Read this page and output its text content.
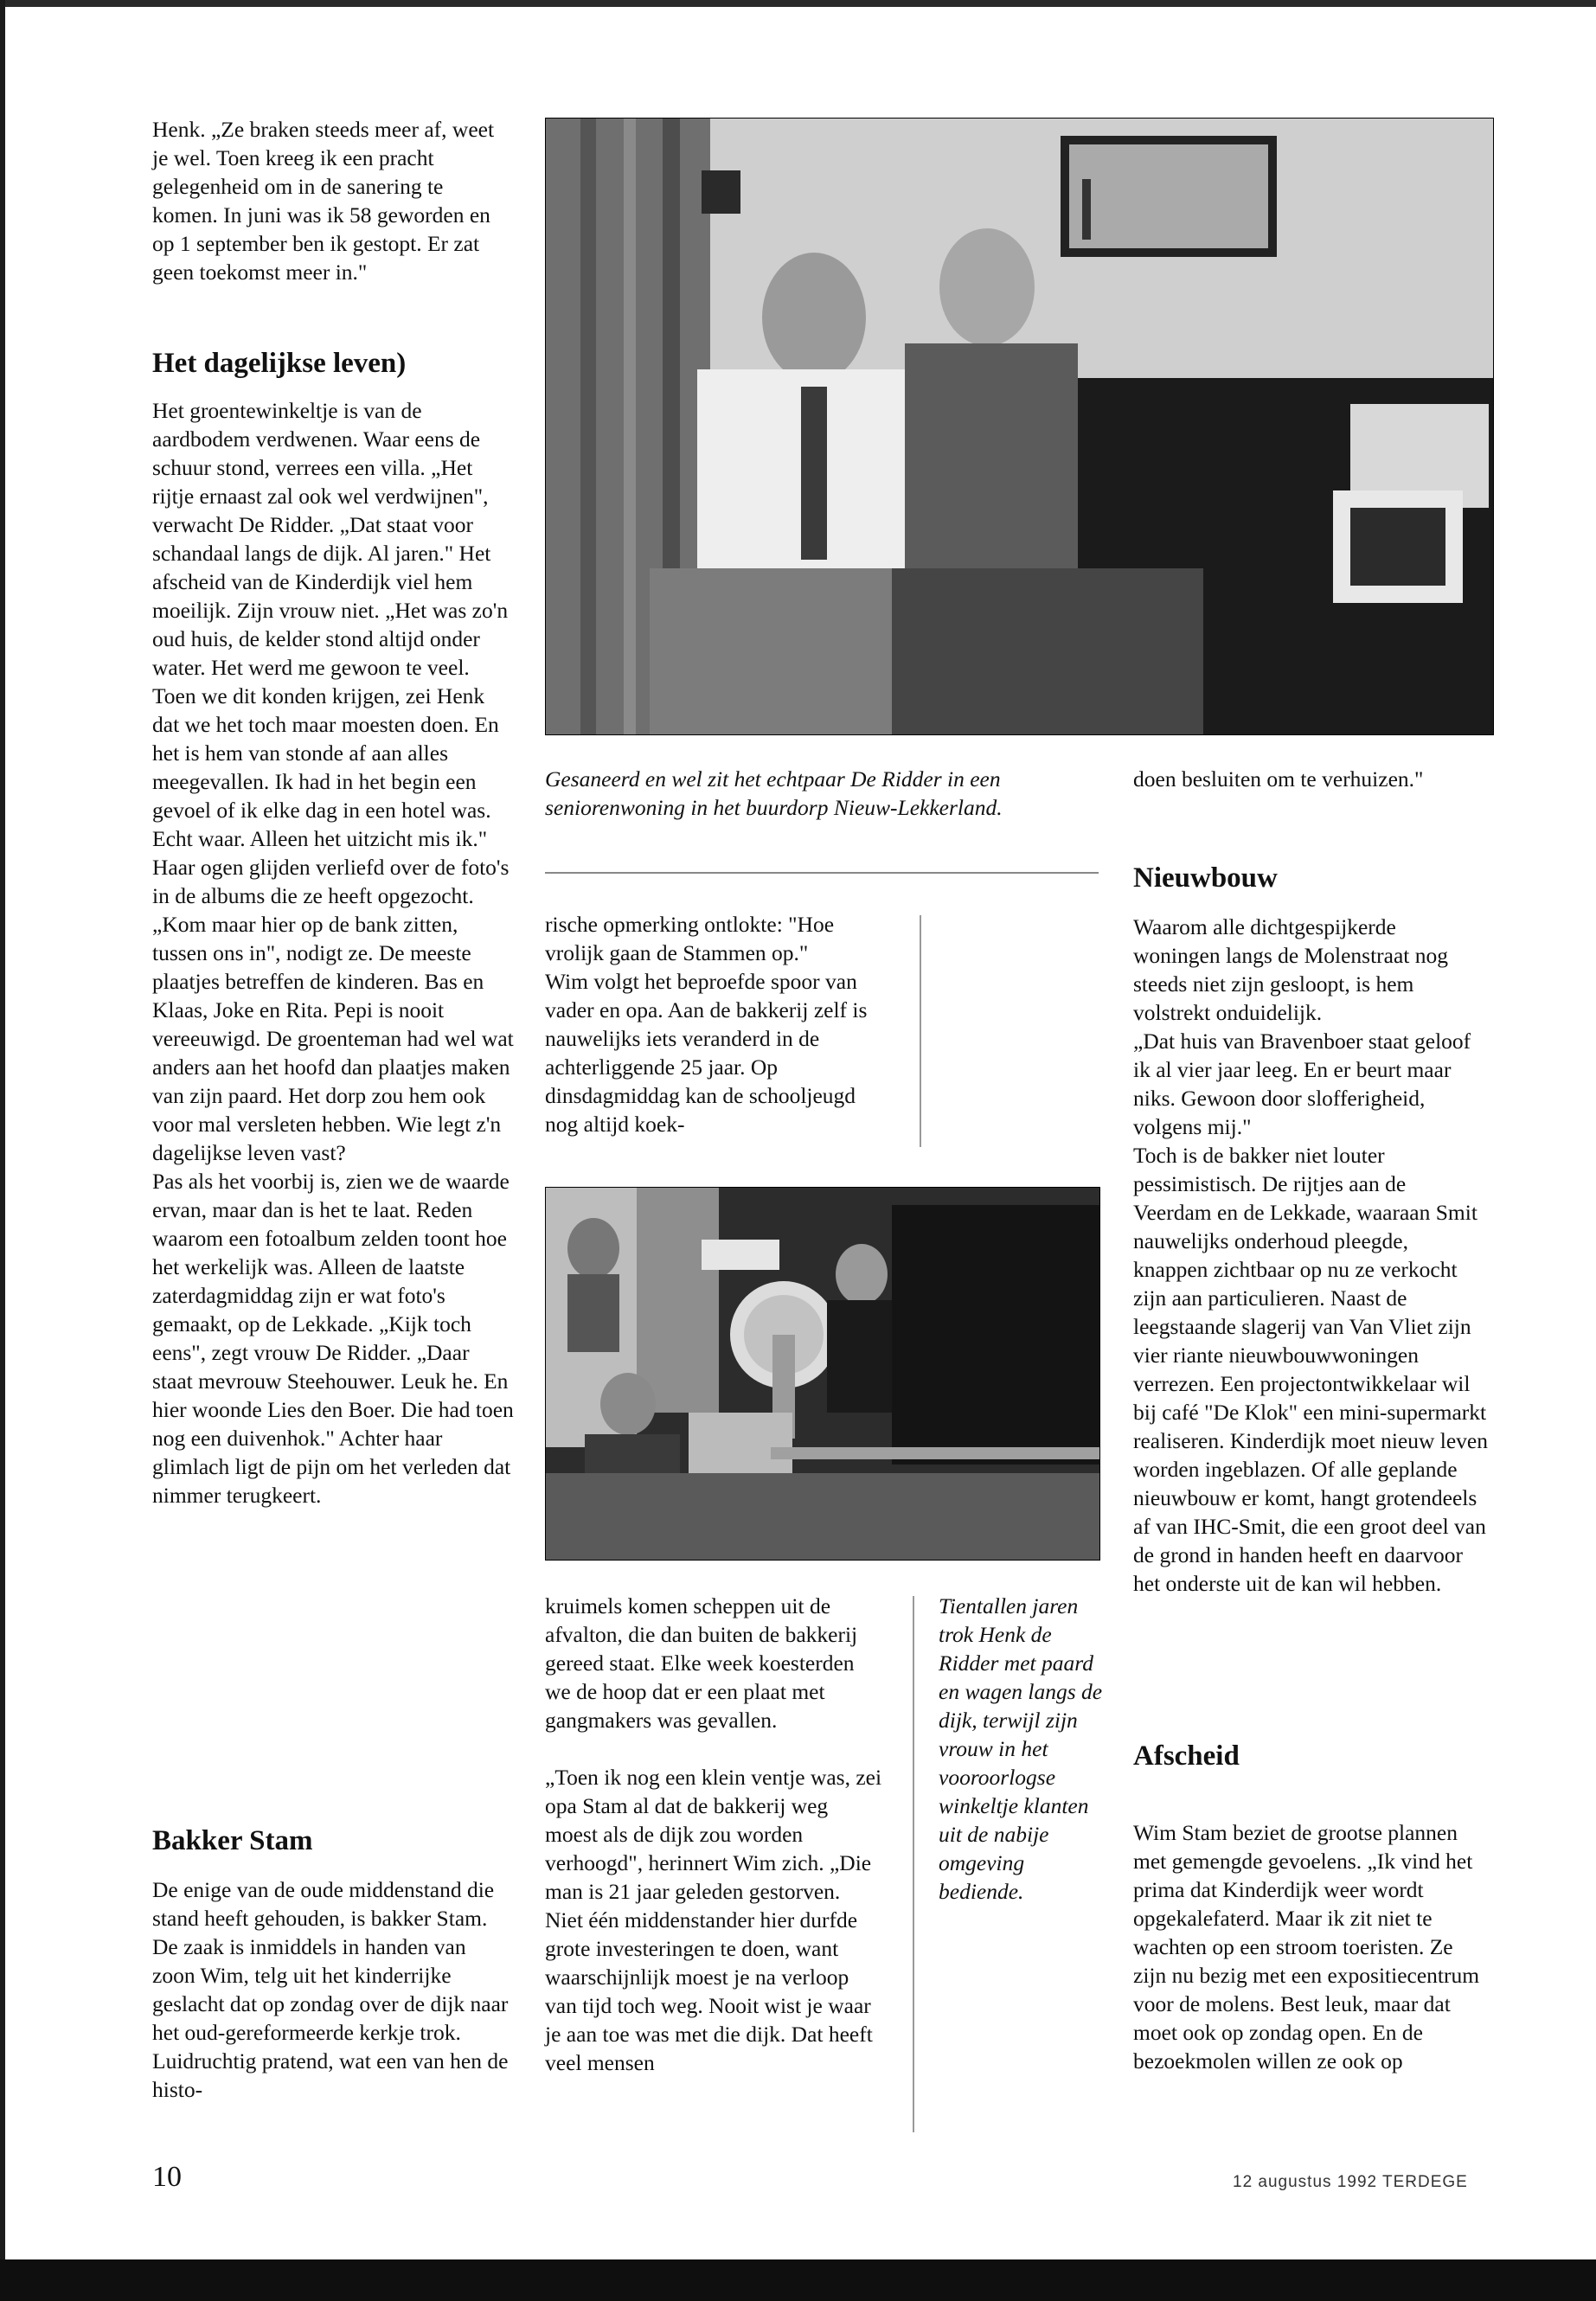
Henk. „Ze braken steeds meer af, weet je wel. Toen kreeg ik een pracht gelegenheid om in de sanering te komen. In juni was ik 58 geworden en op 1 september ben ik gestopt. Er zat geen toekomst meer in."

Het dagelijkse leven)

Het groentewinkeltje is van de aardbodem verdwenen. Waar eens de schuur stond, verrees een villa. „Het rijtje ernaast zal ook wel verdwijnen", verwacht De Ridder. „Dat staat voor schandaal langs de dijk. Al jaren." Het afscheid van de Kinderdijk viel hem moeilijk. Zijn vrouw niet. „Het was zo'n oud huis, de kelder stond altijd onder water. Het werd me gewoon te veel. Toen we dit konden krijgen, zei Henk dat we het toch maar moesten doen. En het is hem van stonde af aan alles meegevallen. Ik had in het begin een gevoel of ik elke dag in een hotel was. Echt waar. Alleen het uitzicht mis ik."

Haar ogen glijden verliefd over de foto's in de albums die ze heeft opgezocht. „Kom maar hier op de bank zitten, tussen ons in", nodigt ze. De meeste plaatjes betreffen de kinderen. Bas en Klaas, Joke en Rita. Pepi is nooit vereeuwigd. De groenteman had wel wat anders aan het hoofd dan plaatjes maken van zijn paard. Het dorp zou hem ook voor mal versleten hebben. Wie legt z'n dagelijkse leven vast?

Pas als het voorbij is, zien we de waarde ervan, maar dan is het te laat. Reden waarom een fotoalbum zelden toont hoe het werkelijk was. Alleen de laatste zaterdagmiddag zijn er wat foto's gemaakt, op de Lekkade. „Kijk toch eens", zegt vrouw De Ridder. „Daar staat mevrouw Steehouwer. Leuk he. En hier woonde Lies den Boer. Die had toen nog een duivenhok." Achter haar glimlach ligt de pijn om het verleden dat nimmer terugkeert.

Bakker Stam

De enige van de oude middenstand die stand heeft gehouden, is bakker Stam. De zaak is inmiddels in handen van zoon Wim, telg uit het kinderrijke geslacht dat op zondag over de dijk naar het oud-gereformeerde kerkje trok. Luidruchtig pratend, wat een van hen de histo-

Gesaneerd en wel zit het echtpaar De Ridder in een seniorenwoning in het buurdorp Nieuw-Lekkerland.

rische opmerking ontlokte: "Hoe vrolijk gaan de Stammen op."

Wim volgt het beproefde spoor van vader en opa. Aan de bakkerij zelf is nauwelijks iets veranderd in de achterliggende 25 jaar. Op dinsdagmiddag kan de schooljeugd nog altijd koek-

kruimels komen scheppen uit de afvalton, die dan buiten de bakkerij gereed staat. Elke week koesterden we de hoop dat er een plaat met gangmakers was gevallen.

„Toen ik nog een klein ventje was, zei opa Stam al dat de bakkerij weg moest als de dijk zou worden verhoogd", herinnert Wim zich. „Die man is 21 jaar geleden gestorven. Niet één middenstander hier durfde grote investeringen te doen, want waarschijnlijk moest je na verloop van tijd toch weg. Nooit wist je waar je aan toe was met die dijk. Dat heeft veel mensen

Tientallen jaren trok Henk de Ridder met paard en wagen langs de dijk, terwijl zijn vrouw in het vooroorlogse winkeltje klanten uit de nabije omgeving bediende.

doen besluiten om te verhuizen."

Nieuwbouw

Waarom alle dichtgespijkerde woningen langs de Molenstraat nog steeds niet zijn gesloopt, is hem volstrekt onduidelijk.

„Dat huis van Bravenboer staat geloof ik al vier jaar leeg. En er beurt maar niks. Gewoon door slofferigheid, volgens mij."

Toch is de bakker niet louter pessimistisch. De rijtjes aan de Veerdam en de Lekkade, waaraan Smit nauwelijks onderhoud pleegde, knappen zichtbaar op nu ze verkocht zijn aan particulieren. Naast de leegstaande slagerij van Van Vliet zijn vier riante nieuwbouwwoningen verrezen. Een projectontwikkelaar wil bij café "De Klok" een mini-supermarkt realiseren. Kinderdijk moet nieuw leven worden ingeblazen. Of alle geplande nieuwbouw er komt, hangt grotendeels af van IHC-Smit, die een groot deel van de grond in handen heeft en daarvoor het onderste uit de kan wil hebben.

Afscheid

Wim Stam beziet de grootse plannen met gemengde gevoelens. „Ik vind het prima dat Kinderdijk weer wordt opgekalefaterd. Maar ik zit niet te wachten op een stroom toeristen. Ze zijn nu bezig met een expositiecentrum voor de molens. Best leuk, maar dat moet ook op zondag open. En de bezoekmolen willen ze ook op

10	12 augustus 1992 TERDEGE
